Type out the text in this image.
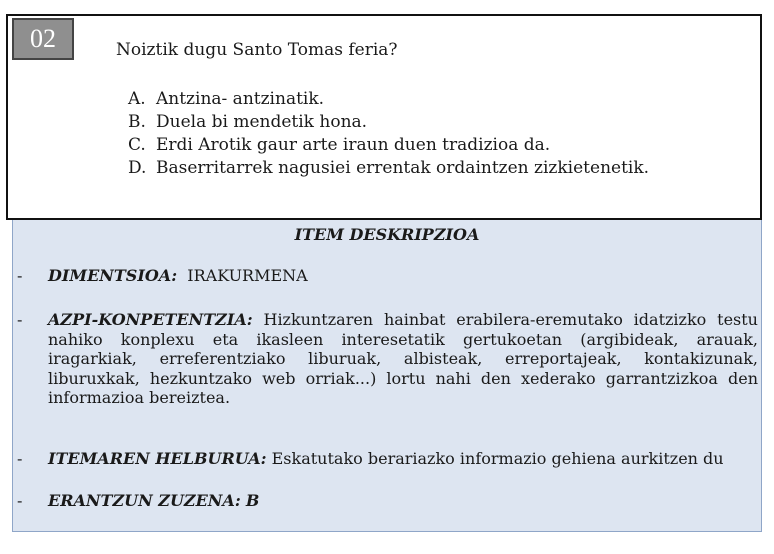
02	Noiztik dugu Santo Tomas feria?
A. Antzina- antzinatik.
B. Duela bi mendetik hona.
C. Erdi Arotik gaur arte iraun duen tradizioa da.
D. Baserritarrek nagusiei errentak ordaintzen zizkietenetik.
ITEM DESKRIPZIOA
- DIMENTSIOA: IRAKURMENA
- AZPI-KONPETENTZIA: Hizkuntzaren hainbat erabilera-eremutako idatzizko testu nahiko konplexu eta ikasleen interesetatik gertukoetan (argibideak, arauak, iragarkiak, erreferentziako liburuak, albisteak, erreportajeak, kontakizunak, liburuxkak, hezkuntzako web orriak...) lortu nahi den xederako garrantzizkoa den informazioa bereiztea.
- ITEMAREN HELBURUA: Eskatutako berariazko informazio gehiena aurkitzen du
- ERANTZUN ZUZENA: B
